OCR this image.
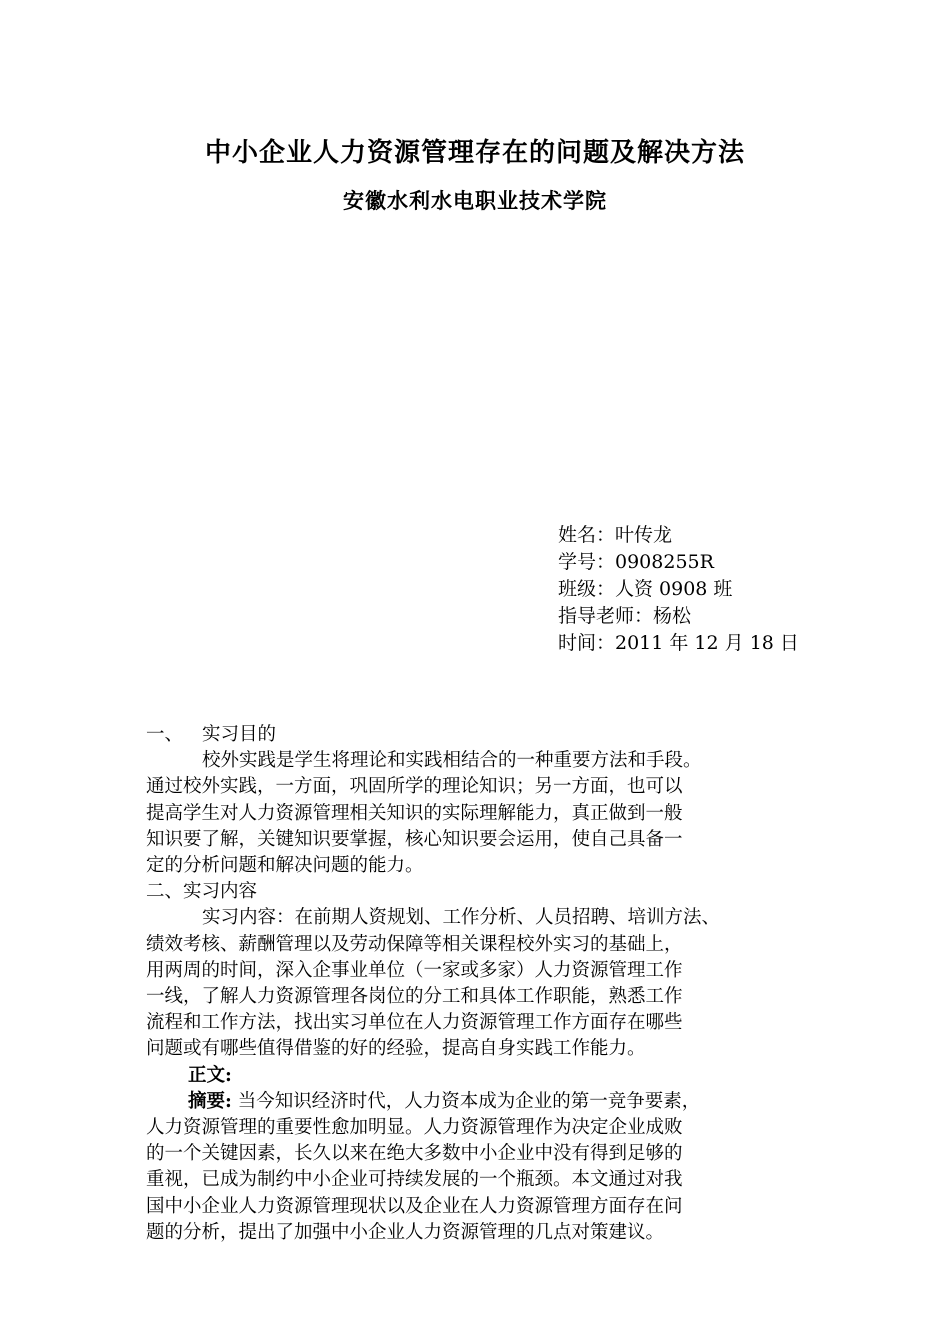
中小企业人力资源管理存在的问题及解决方法
安徽水利水电职业技术学院
姓名：叶传龙
学号：0908255R
班级：人资 0908 班
指导老师：杨松
时间：2011 年 12 月 18 日
一、 实习目的
校外实践是学生将理论和实践相结合的一种重要方法和手段。
通过校外实践，一方面，巩固所学的理论知识；另一方面，也可以
提高学生对人力资源管理相关知识的实际理解能力，真正做到一般
知识要了解，关键知识要掌握，核心知识要会运用，使自己具备一
定的分析问题和解决问题的能力。
二、实习内容
实习内容：在前期人资规划、工作分析、人员招聘、培训方法、
绩效考核、薪酬管理以及劳动保障等相关课程校外实习的基础上，
用两周的时间，深入企事业单位（一家或多家）人力资源管理工作
一线，了解人力资源管理各岗位的分工和具体工作职能，熟悉工作
流程和工作方法，找出实习单位在人力资源管理工作方面存在哪些
问题或有哪些值得借鉴的好的经验，提高自身实践工作能力。
正文:
摘要: 当今知识经济时代，人力资本成为企业的第一竞争要素，
人力资源管理的重要性愈加明显。人力资源管理作为决定企业成败
的一个关键因素，长久以来在绝大多数中小企业中没有得到足够的
重视，已成为制约中小企业可持续发展的一个瓶颈。本文通过对我
国中小企业人力资源管理现状以及企业在人力资源管理方面存在问
题的分析，提出了加强中小企业人力资源管理的几点对策建议。
